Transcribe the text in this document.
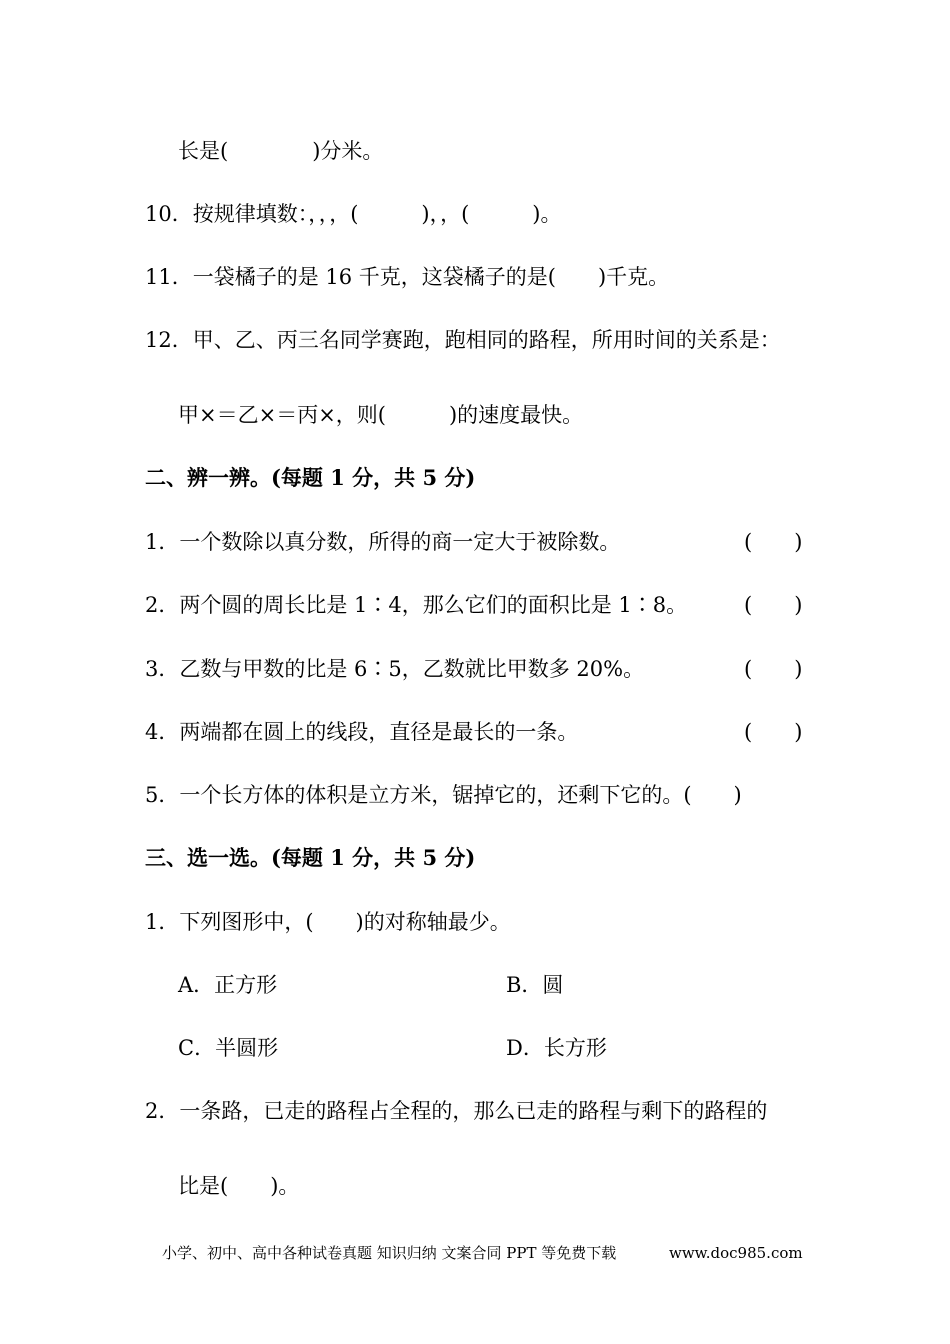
长是(　　　　)分米。
10．按规律填数：，，，(　　　)，，(　　　)。
11．一袋橘子的是 16 千克，这袋橘子的是(　　)千克。
12．甲、乙、丙三名同学赛跑，跑相同的路程，所用时间的关系是：
甲×＝乙×＝丙×，则(　　　)的速度最快。
二、辨一辨。(每题 1 分，共 5 分)
1．一个数除以真分数，所得的商一定大于被除数。	(　　)
2．两个圆的周长比是 1∶4，那么它们的面积比是 1∶8。	(　　)
3．乙数与甲数的比是 6∶5，乙数就比甲数多 20%。	(　　)
4．两端都在圆上的线段，直径是最长的一条。	(　　)
5．一个长方体的体积是立方米，锯掉它的，还剩下它的。(　　)
三、选一选。(每题 1 分，共 5 分)
1．下列图形中，(　　)的对称轴最少。
A．正方形	B．圆
C．半圆形	D．长方形
2．一条路，已走的路程占全程的，那么已走的路程与剩下的路程的
比是(　　)。
小学、初中、高中各种试卷真题 知识归纳 文案合同 PPT 等免费下载	www.doc985.com
